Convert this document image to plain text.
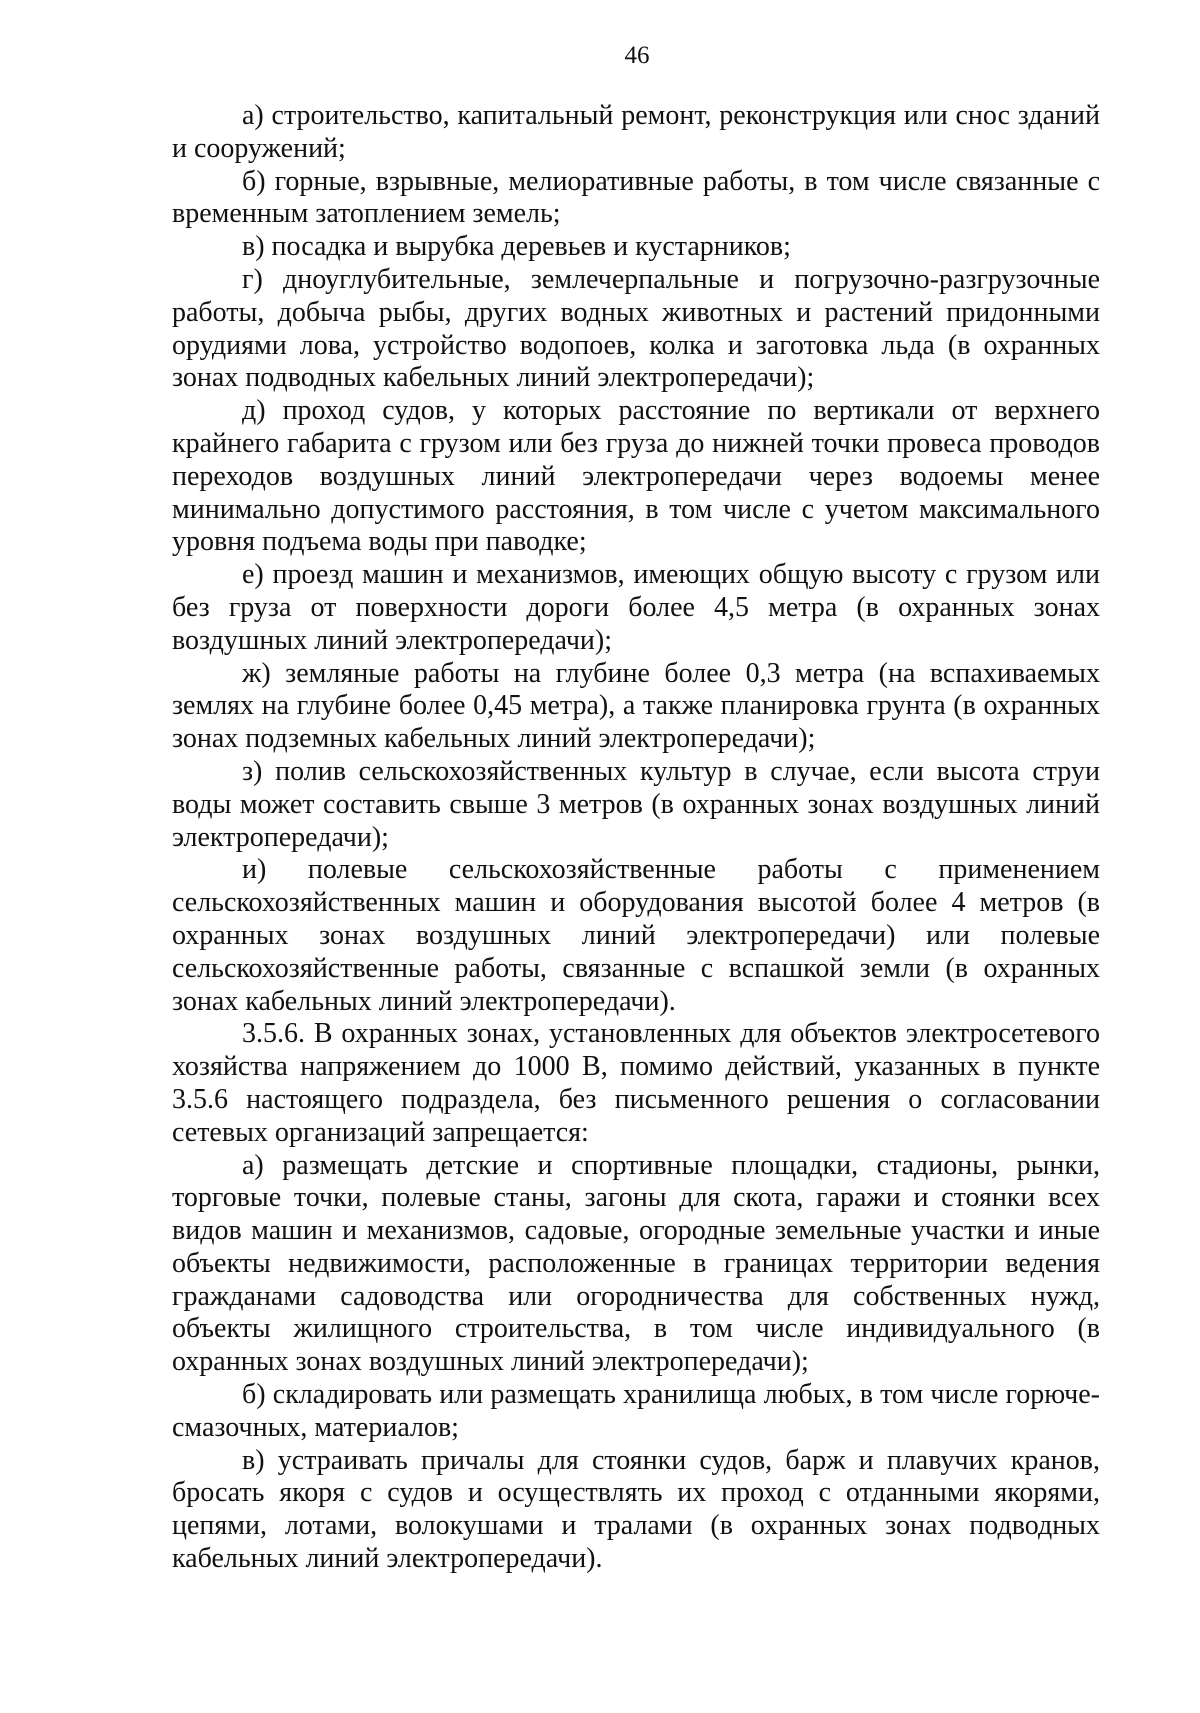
46

а) строительство, капитальный ремонт, реконструкция или снос зданий и сооружений;

б) горные, взрывные, мелиоративные работы, в том числе связанные с временным затоплением земель;

в) посадка и вырубка деревьев и кустарников;

г) дноуглубительные, землечерпальные и погрузочно-разгрузочные работы, добыча рыбы, других водных животных и растений придонными орудиями лова, устройство водопоев, колка и заготовка льда (в охранных зонах подводных кабельных линий электропередачи);

д) проход судов, у которых расстояние по вертикали от верхнего крайнего габарита с грузом или без груза до нижней точки провеса проводов переходов воздушных линий электропередачи через водоемы менее минимально допустимого расстояния, в том числе с учетом максимального уровня подъема воды при паводке;

е) проезд машин и механизмов, имеющих общую высоту с грузом или без груза от поверхности дороги более 4,5 метра (в охранных зонах воздушных линий электропередачи);

ж) земляные работы на глубине более 0,3 метра (на вспахиваемых землях на глубине более 0,45 метра), а также планировка грунта (в охранных зонах подземных кабельных линий электропередачи);

з) полив сельскохозяйственных культур в случае, если высота струи воды может составить свыше 3 метров (в охранных зонах воздушных линий электропередачи);

и) полевые сельскохозяйственные работы с применением сельскохозяйственных машин и оборудования высотой более 4 метров (в охранных зонах воздушных линий электропередачи) или полевые сельскохозяйственные работы, связанные с вспашкой земли (в охранных зонах кабельных линий электропередачи).

3.5.6. В охранных зонах, установленных для объектов электросетевого хозяйства напряжением до 1000 В, помимо действий, указанных в пункте 3.5.6 настоящего подраздела, без письменного решения о согласовании сетевых организаций запрещается:

а) размещать детские и спортивные площадки, стадионы, рынки, торговые точки, полевые станы, загоны для скота, гаражи и стоянки всех видов машин и механизмов, садовые, огородные земельные участки и иные объекты недвижимости, расположенные в границах территории ведения гражданами садоводства или огородничества для собственных нужд, объекты жилищного строительства, в том числе индивидуального (в охранных зонах воздушных линий электропередачи);

б) складировать или размещать хранилища любых, в том числе горюче-смазочных, материалов;

в) устраивать причалы для стоянки судов, барж и плавучих кранов, бросать якоря с судов и осуществлять их проход с отданными якорями, цепями, лотами, волокушами и тралами (в охранных зонах подводных кабельных линий электропередачи).
